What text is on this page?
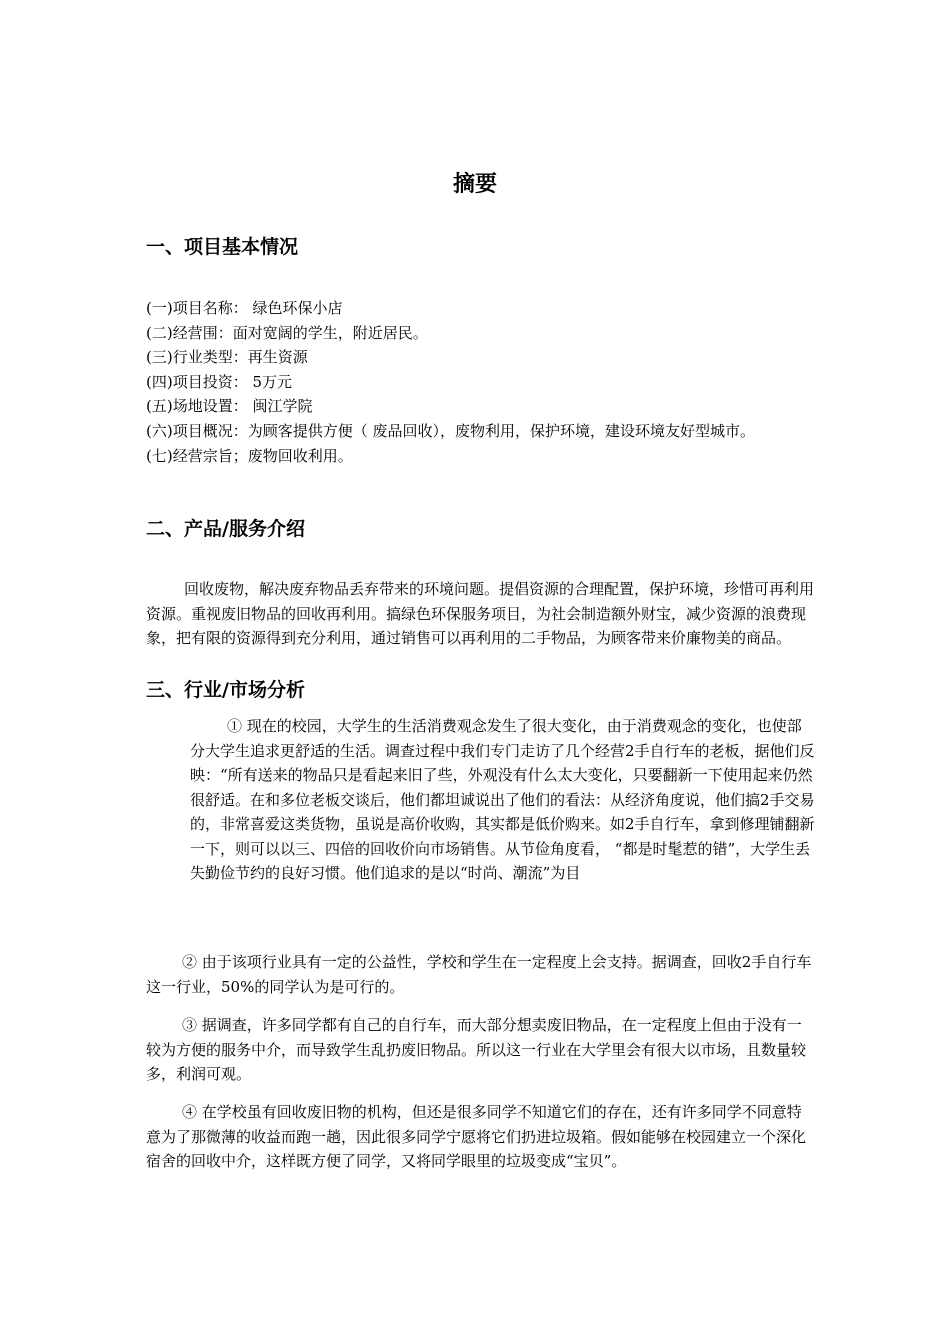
摘要
一、项目基本情况
(一)项目名称： 绿色环保小店
(二)经营围：面对宽阔的学生，附近居民。
(三)行业类型：再生资源
(四)项目投资： 5万元
(五)场地设置： 闽江学院
(六)项目概况：为顾客提供方便（ 废品回收），废物利用，保护环境，建设环境友好型城市。
(七)经营宗旨；废物回收利用。
二、产品/服务介绍

回收废物，解决废弃物品丢弃带来的环境问题。提倡资源的合理配置，保护环境，珍惜可再利用资源。重视废旧物品的回收再利用。搞绿色环保服务项目，为社会制造额外财宝，减少资源的浪费现象，把有限的资源得到充分利用，通过销售可以再利用的二手物品，为顾客带来价廉物美的商品。

三、行业/市场分析

① 现在的校园，大学生的生活消费观念发生了很大变化，由于消费观念的变化，也使部分大学生追求更舒适的生活。调查过程中我们专门走访了几个经营2手自行车的老板，据他们反映：“所有送来的物品只是看起来旧了些，外观没有什么太大变化，只要翻新一下使用起来仍然很舒适。在和多位老板交谈后，他们都坦诚说出了他们的看法：从经济角度说，他们搞2手交易的，非常喜爱这类货物，虽说是高价收购，其实都是低价购来。如2手自行车，拿到修理铺翻新一下，则可以以三、四倍的回收价向市场销售。从节俭角度看， “都是时髦惹的错”，大学生丢失勤俭节约的良好习惯。他们追求的是以“时尚、潮流”为目

② 由于该项行业具有一定的公益性，学校和学生在一定程度上会支持。据调查，回收2手自行车这一行业，50%的同学认为是可行的。

③ 据调查，许多同学都有自己的自行车，而大部分想卖废旧物品，在一定程度上但由于没有一较为方便的服务中介，而导致学生乱扔废旧物品。所以这一行业在大学里会有很大以市场，且数量较多，利润可观。

④ 在学校虽有回收废旧物的机构，但还是很多同学不知道它们的存在，还有许多同学不同意特意为了那微薄的收益而跑一趟，因此很多同学宁愿将它们扔进垃圾箱。假如能够在校园建立一个深化宿舍的回收中介，这样既方便了同学，又将同学眼里的垃圾变成“宝贝”。
